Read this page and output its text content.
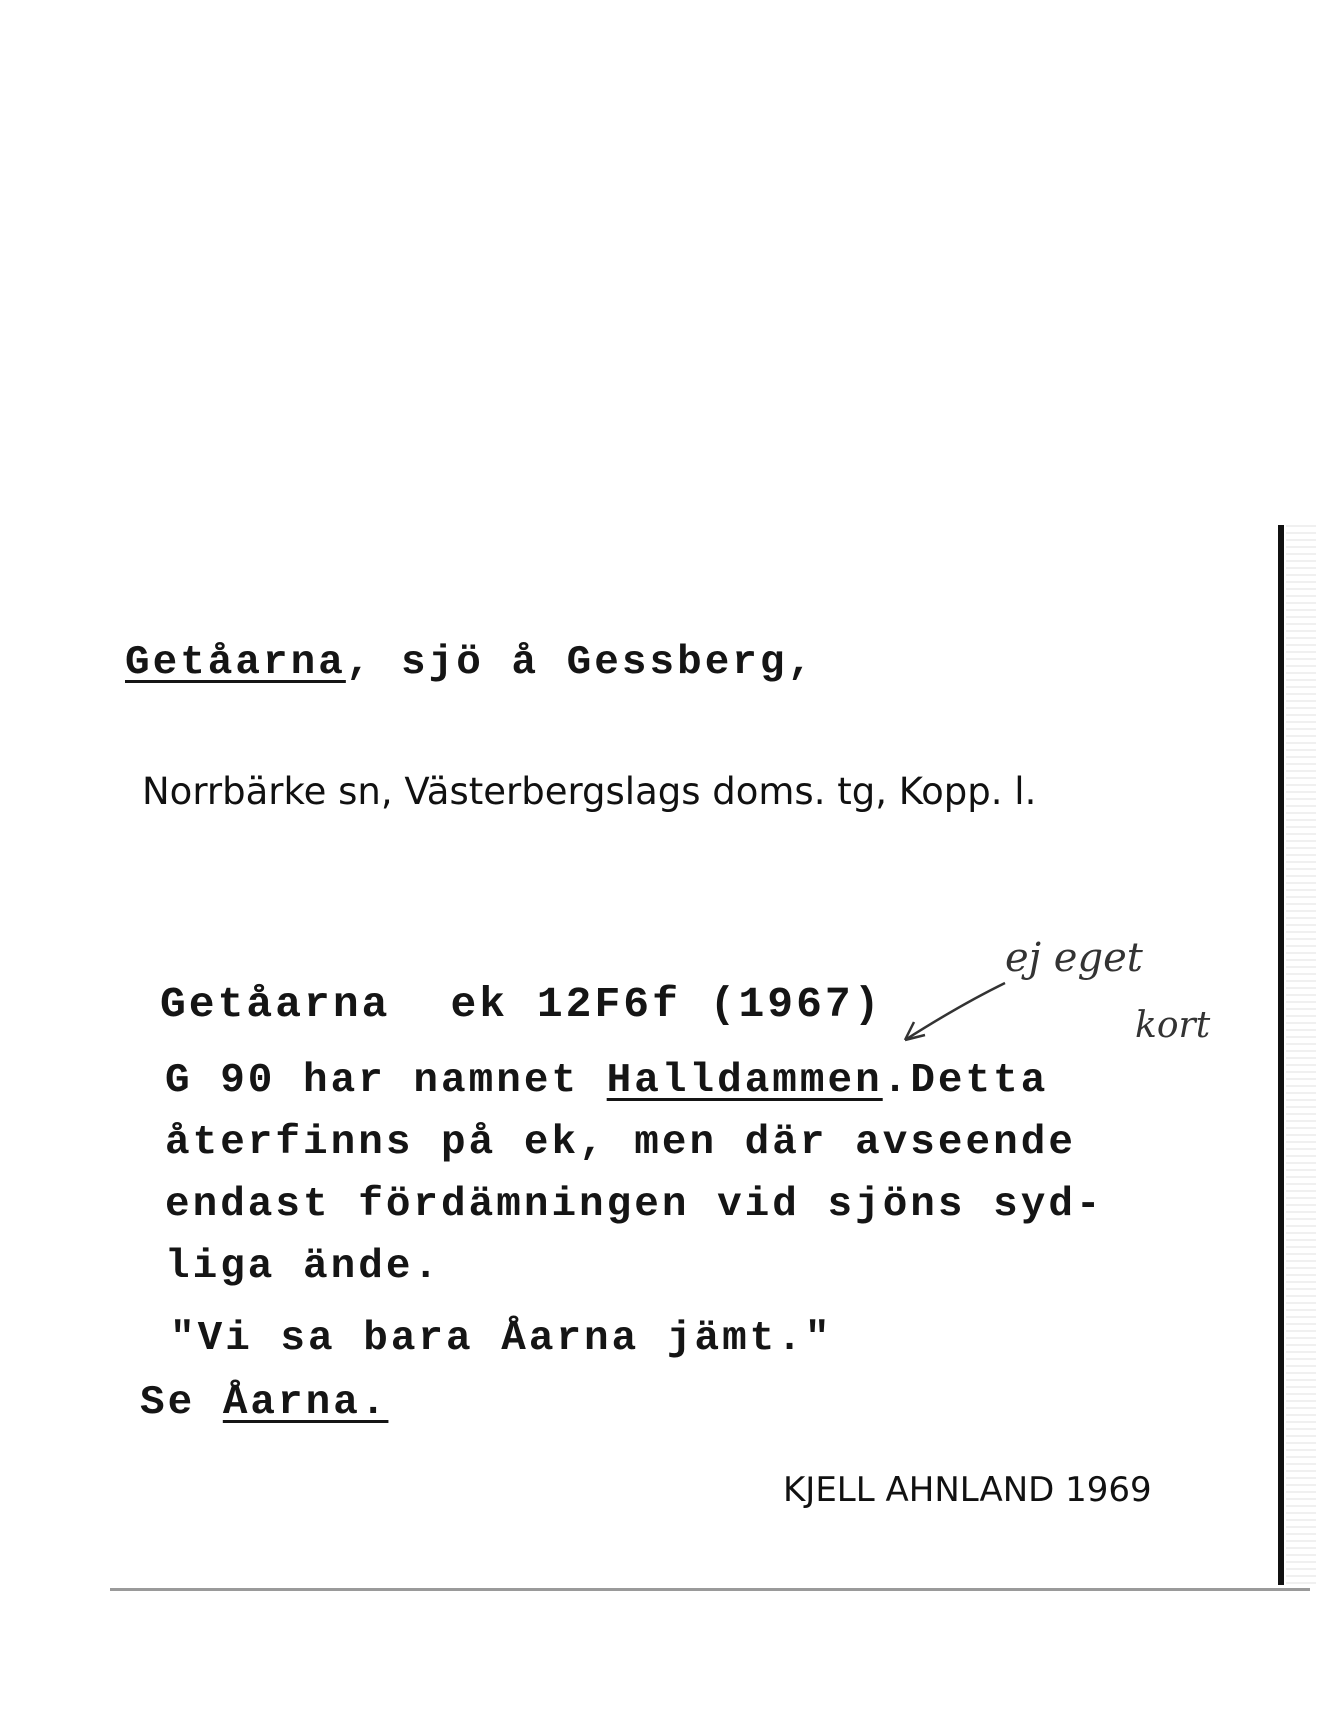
Getåarna, sjö å Gessberg,
Norrbärke sn, Västerbergslags doms. tg, Kopp. l.
Getåarna ek 12F6f (1967)
ej eget
kort
G 90 har namnet Halldammen.Detta
återfinns på ek, men där avseende
endast fördämningen vid sjöns syd-
liga ände.
"Vi sa bara Åarna jämt."
Se Åarna.
KJELL AHNLAND 1969
